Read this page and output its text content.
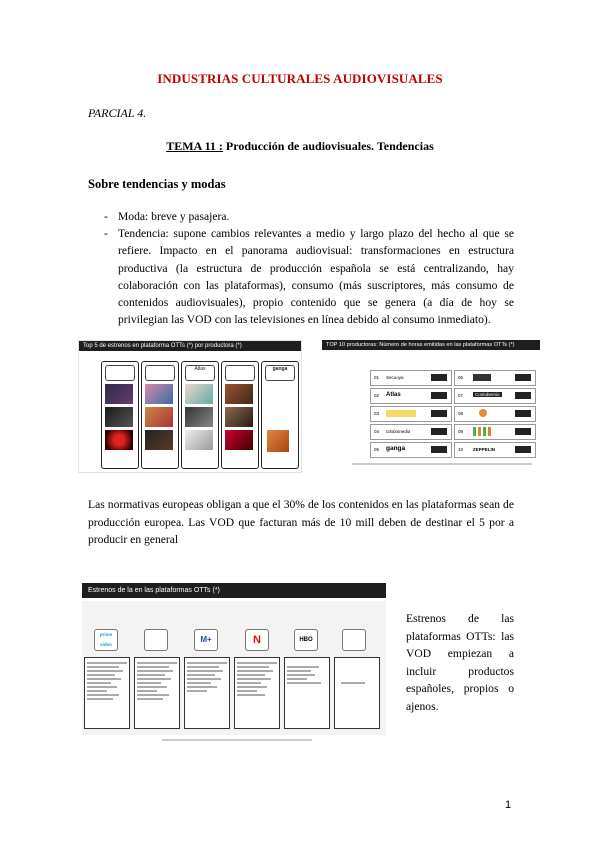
INDUSTRIAS CULTURALES AUDIOVISUALES
PARCIAL 4.
TEMA 11 : Producción de audiovisuales. Tendencias
Sobre tendencias y modas
- Moda: breve y pasajera.
- Tendencia: supone cambios relevantes a medio y largo plazo del hecho al que se refiere. Impacto en el panorama audiovisual: transformaciones en estructura productiva (la estructura de producción española se está centralizando, hay colaboración con las plataformas), consumo (más suscriptores, más consumo de contenidos audiovisuales), propio contenido que se genera (a día de hoy se privilegian las VOD con las televisiones en línea debido al consumo inmediato).
Top 5 de estrenos en plataforma OTTs (*) por productora (*)
Atlas	ganga
TOP 10 productoras: Número de horas emitidas en las plataformas OTTs (*)
01 Secuoya	06
02 Atlas	07	Contubernio
03	08
04 Globomedia	09
05 ganga	10 ZEPPELIN
Las normativas europeas obligan a que el 30% de los contenidos en las plataformas sean de producción europea. Las VOD que facturan más de 10 mill deben de destinar el 5 por a producir en general
Estrenos de la en las plataformas OTTs (*)
prime video
M+	N	HBO
Estrenos de las plataformas OTTs: las VOD empiezan a incluir productos españoles, propios o ajenos.
1
